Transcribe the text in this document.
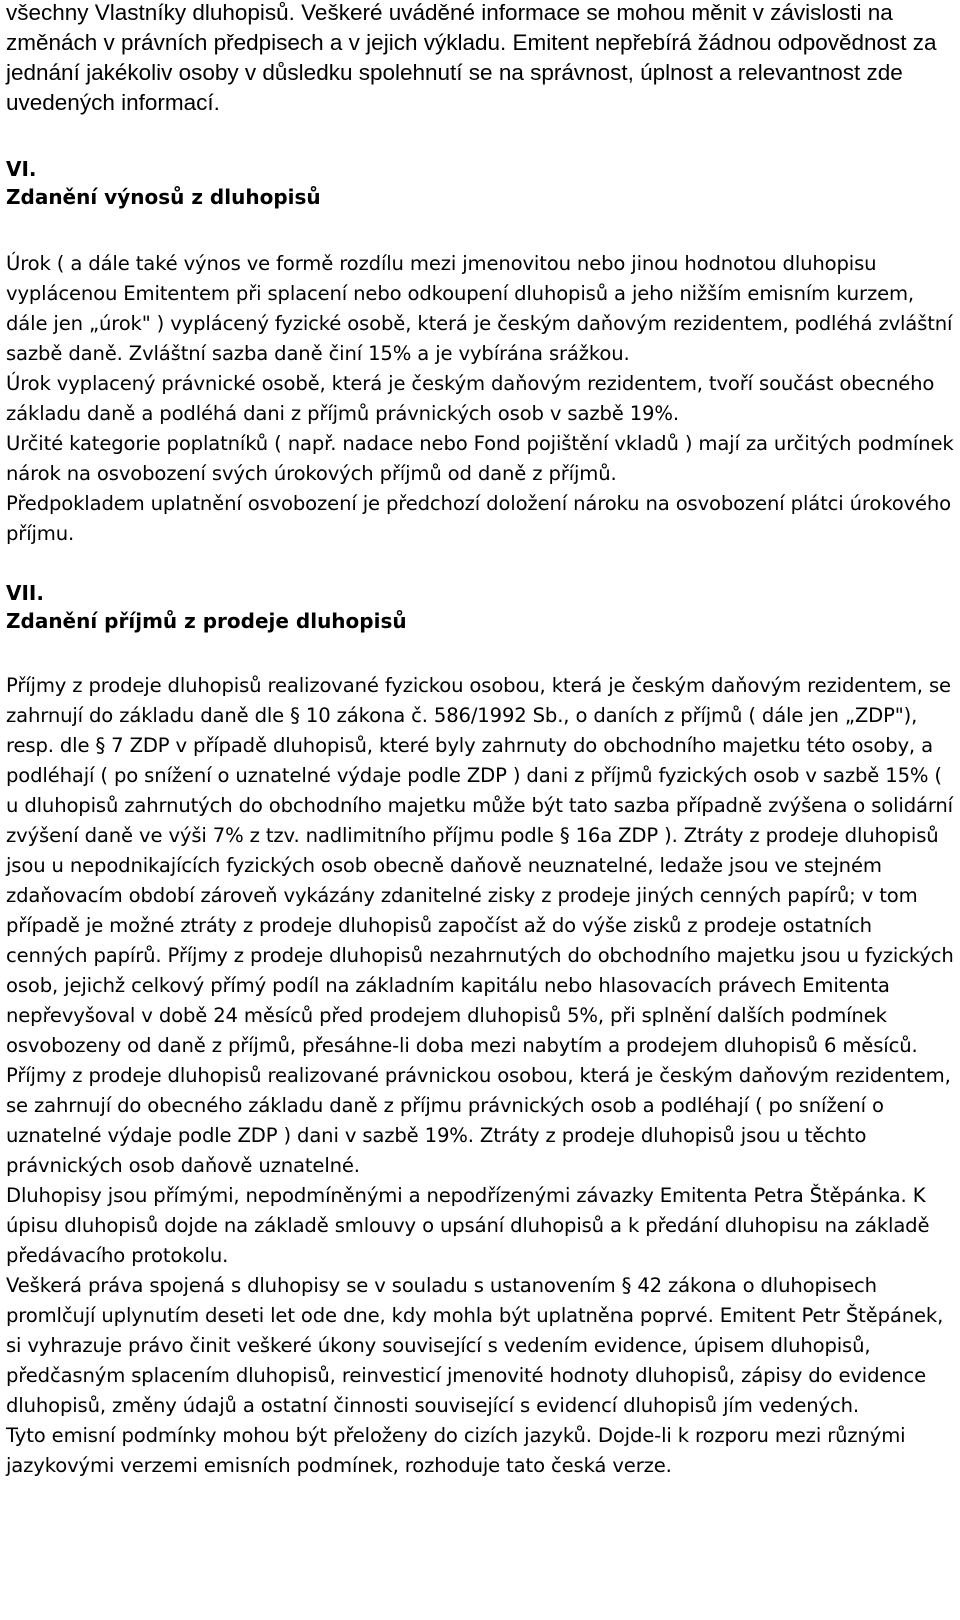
všechny Vlastníky dluhopisů. Veškeré uváděné informace se mohou měnit v závislosti na změnách v právních předpisech a v jejich výkladu. Emitent nepřebírá žádnou odpovědnost za jednání jakékoliv osoby v důsledku spolehnutí se na správnost, úplnost a relevantnost zde uvedených informací.

VI.

Zdanění výnosů z dluhopisů

Úrok ( a dále také výnos ve formě rozdílu mezi jmenovitou nebo jinou hodnotou dluhopisu vyplácenou Emitentem při splacení nebo odkoupení dluhopisů a jeho nižším emisním kurzem, dále jen „úrok" ) vyplácený fyzické osobě, která je českým daňovým rezidentem, podléhá zvláštní sazbě daně. Zvláštní sazba daně činí 15% a je vybírána srážkou.

Úrok vyplacený právnické osobě, která je českým daňovým rezidentem, tvoří součást obecného základu daně a podléhá dani z příjmů právnických osob v sazbě 19%.

Určité kategorie poplatníků ( např. nadace nebo Fond pojištění vkladů ) mají za určitých podmínek nárok na osvobození svých úrokových příjmů od daně z příjmů.

Předpokladem uplatnění osvobození je předchozí doložení nároku na osvobození plátci úrokového příjmu.

VII.

Zdanění příjmů z prodeje dluhopisů

Příjmy z prodeje dluhopisů realizované fyzickou osobou, která je českým daňovým rezidentem, se zahrnují do základu daně dle § 10 zákona č. 586/1992 Sb., o daních z příjmů ( dále jen „ZDP"), resp. dle § 7 ZDP v případě dluhopisů, které byly zahrnuty do obchodního majetku této osoby, a podléhají ( po snížení o uznatelné výdaje podle ZDP ) dani z příjmů fyzických osob v sazbě 15% ( u dluhopisů zahrnutých do obchodního majetku může být tato sazba případně zvýšena o solidární zvýšení daně ve výši 7% z tzv. nadlimitního příjmu podle § 16a ZDP ). Ztráty z prodeje dluhopisů jsou u nepodnikajících fyzických osob obecně daňově neuznatelné, ledaže jsou ve stejném zdaňovacím období zároveň vykázány zdanitelné zisky z prodeje jiných cenných papírů; v tom případě je možné ztráty z prodeje dluhopisů započíst až do výše zisků z prodeje ostatních cenných papírů. Příjmy z prodeje dluhopisů nezahrnutých do obchodního majetku jsou u fyzických osob, jejichž celkový přímý podíl na základním kapitálu nebo hlasovacích právech Emitenta nepřevyšoval v době 24 měsíců před prodejem dluhopisů 5%, při splnění dalších podmínek osvobozeny od daně z příjmů, přesáhne-li doba mezi nabytím a prodejem dluhopisů 6 měsíců.

Příjmy z prodeje dluhopisů realizované právnickou osobou, která je českým daňovým rezidentem, se zahrnují do obecného základu daně z příjmu právnických osob a podléhají ( po snížení o uznatelné výdaje podle ZDP ) dani v sazbě 19%. Ztráty z prodeje dluhopisů jsou u těchto právnických osob daňově uznatelné.

Dluhopisy jsou přímými, nepodmíněnými a nepodřízenými závazky Emitenta Petra Štěpánka. K úpisu dluhopisů dojde na základě smlouvy o upsání dluhopisů a k předání dluhopisu na základě předávacího protokolu.

Veškerá práva spojená s dluhopisy se v souladu s ustanovením § 42 zákona o dluhopisech promlčují uplynutím deseti let ode dne, kdy mohla být uplatněna poprvé. Emitent Petr Štěpánek, si vyhrazuje právo činit veškeré úkony související s vedením evidence, úpisem dluhopisů, předčasným splacením dluhopisů, reinvesticí jmenovité hodnoty dluhopisů, zápisy do evidence dluhopisů, změny údajů a ostatní činnosti související s evidencí dluhopisů jím vedených.

Tyto emisní podmínky mohou být přeloženy do cizích jazyků. Dojde-li k rozporu mezi různými jazykovými verzemi emisních podmínek, rozhoduje tato česká verze.
